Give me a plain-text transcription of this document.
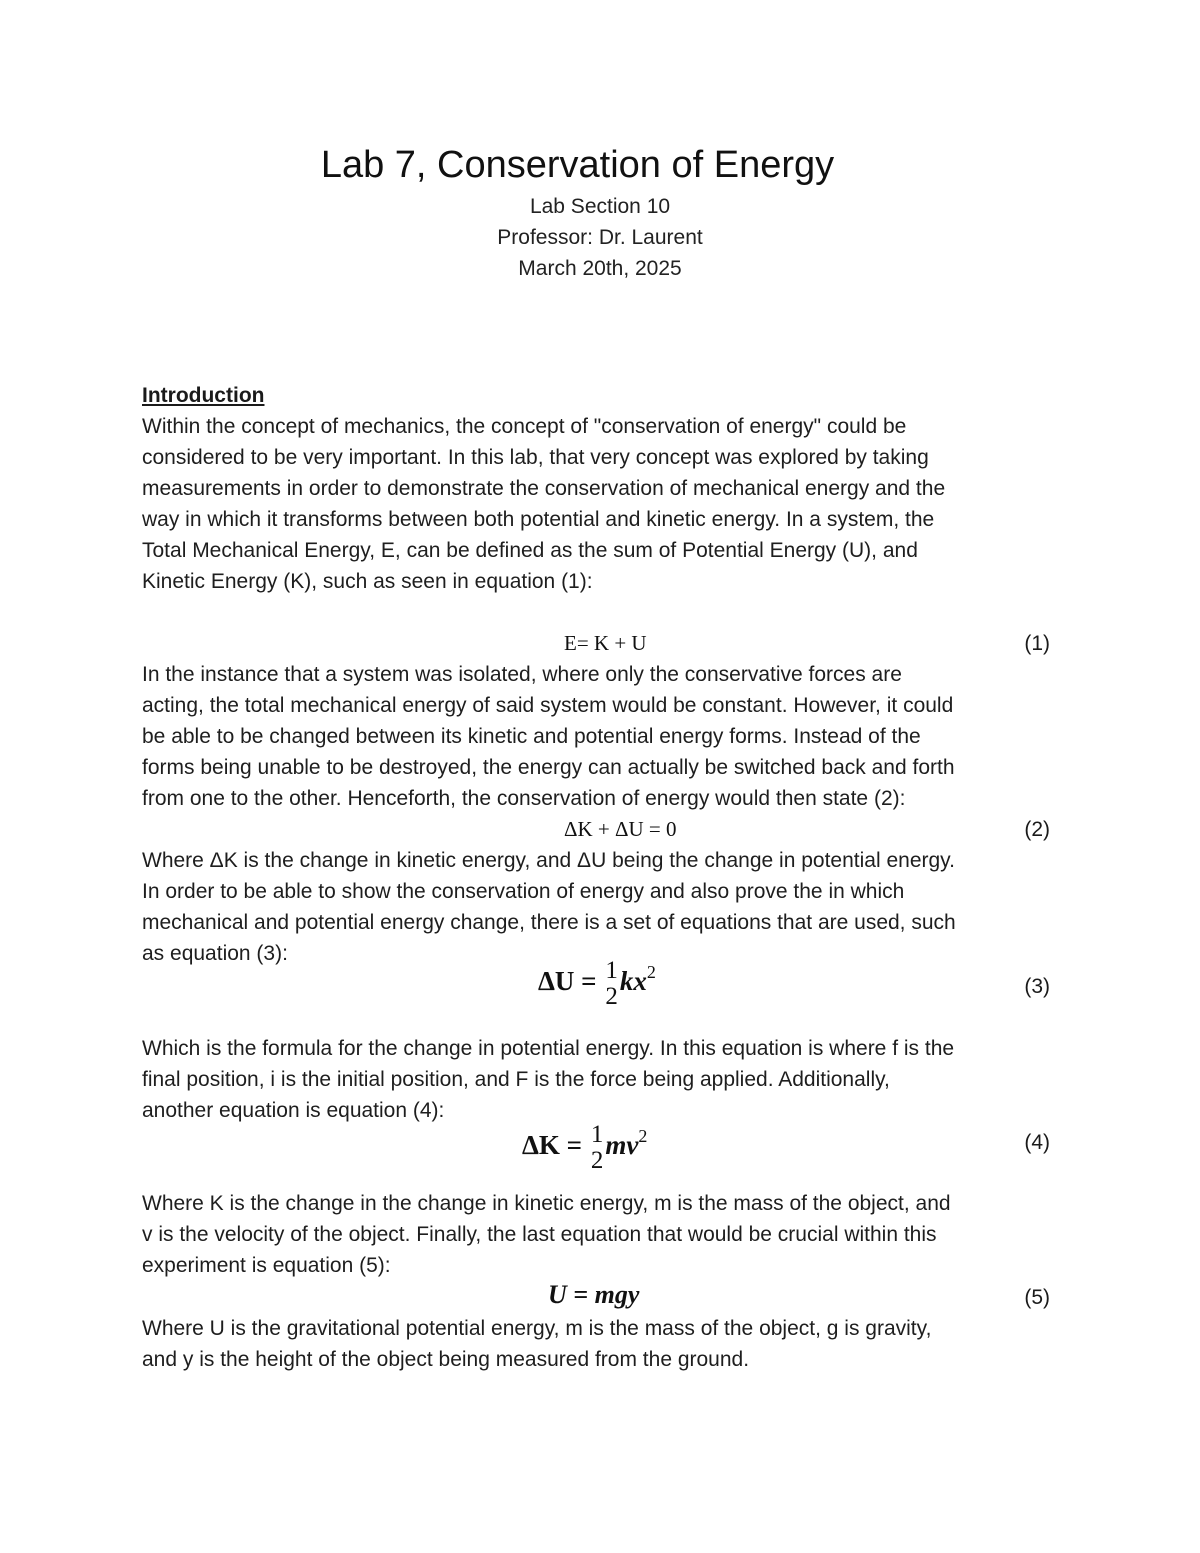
Lab 7, Conservation of Energy
Lab Section 10
Professor: Dr. Laurent
March 20th, 2025
Introduction
Within the concept of mechanics, the concept of "conservation of energy" could be
considered to be very important. In this lab, that very concept was explored by taking
measurements in order to demonstrate the conservation of mechanical energy and the
way in which it transforms between both potential and kinetic energy. In a system, the
Total Mechanical Energy, E, can be defined as the sum of Potential Energy (U), and
Kinetic Energy (K), such as seen in equation (1):
E= K + U	(1)
In the instance that a system was isolated, where only the conservative forces are
acting, the total mechanical energy of said system would be constant. However, it could
be able to be changed between its kinetic and potential energy forms. Instead of the
forms being unable to be destroyed, the energy can actually be switched back and forth
from one to the other. Henceforth, the conservation of energy would then state (2):
ΔK + ΔU = 0	(2)
Where ΔK is the change in kinetic energy, and ΔU being the change in potential energy.
In order to be able to show the conservation of energy and also prove the in which
mechanical and potential energy change, there is a set of equations that are used, such
as equation (3):
ΔU = 1
2
$kx^2$
(3)
Which is the formula for the change in potential energy. In this equation is where f is the
final position, i is the initial position, and F is the force being applied. Additionally,
another equation is equation (4):
ΔK = 1
2
$mv^2$	(4)
Where K is the change in the change in kinetic energy, m is the mass of the object, and
v is the velocity of the object. Finally, the last equation that would be crucial within this
experiment is equation (5):
U = mgy	(5)
Where U is the gravitational potential energy, m is the mass of the object, g is gravity,
and y is the height of the object being measured from the ground.
